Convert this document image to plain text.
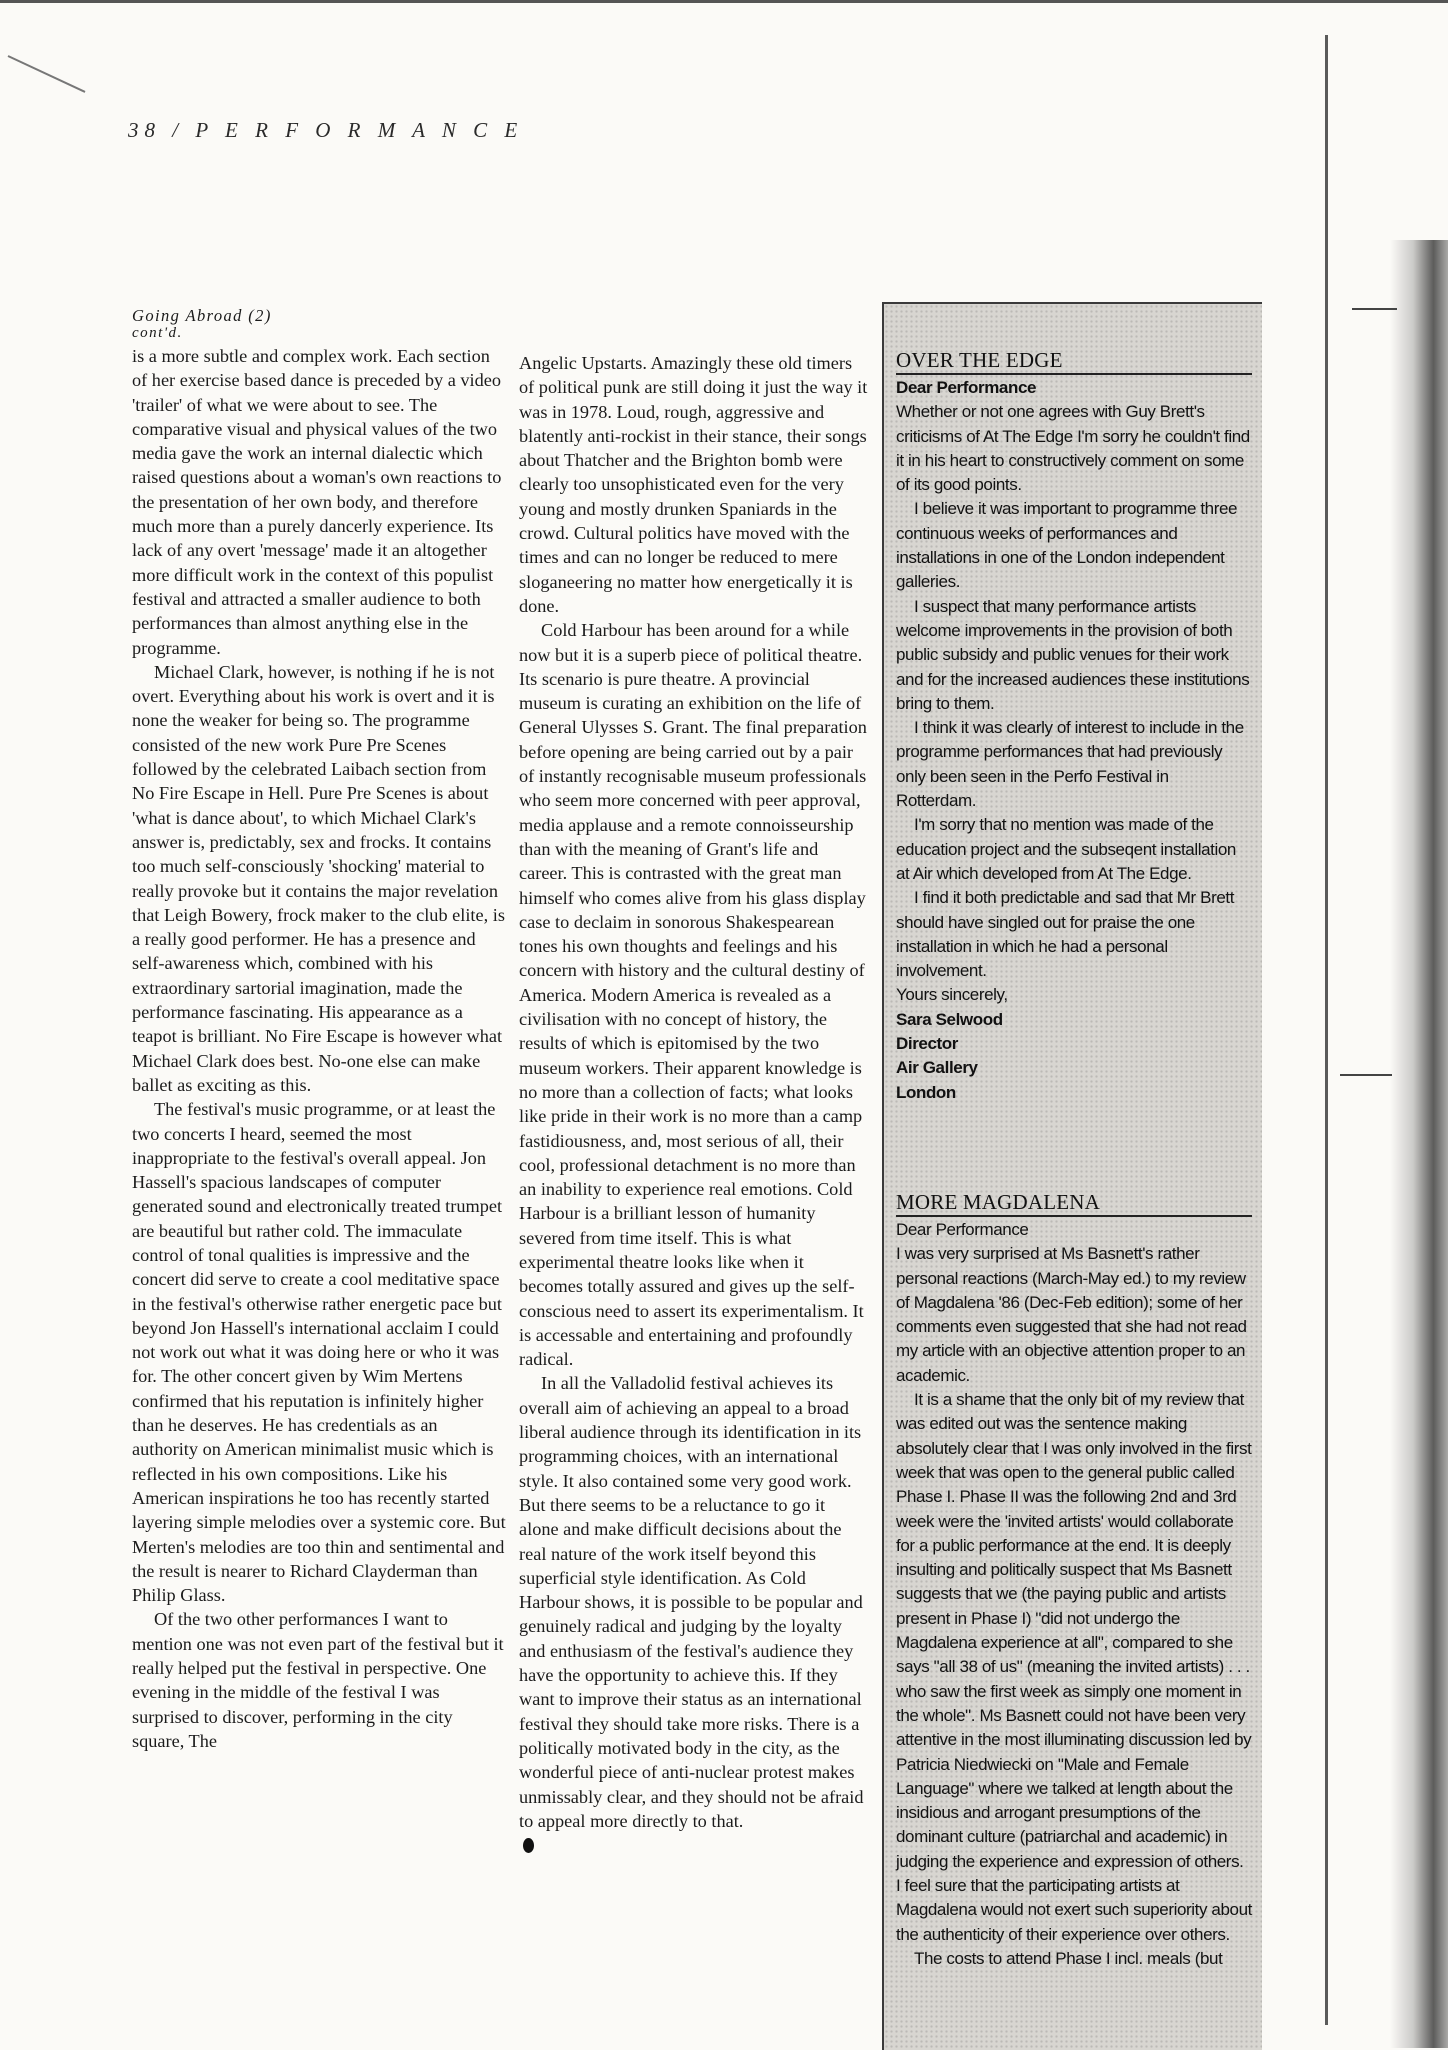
38 / P E R F O R M A N C E
Going Abroad (2)
cont'd.

is a more subtle and complex work. Each section of her exercise based dance is preceded by a video 'trailer' of what we were about to see. The comparative visual and physical values of the two media gave the work an internal dialectic which raised questions about a woman's own reactions to the presentation of her own body, and therefore much more than a purely dancerly experience. Its lack of any overt 'message' made it an altogether more difficult work in the context of this populist festival and attracted a smaller audience to both performances than almost anything else in the programme.

Michael Clark, however, is nothing if he is not overt. Everything about his work is overt and it is none the weaker for being so. The programme consisted of the new work Pure Pre Scenes followed by the celebrated Laibach section from No Fire Escape in Hell. Pure Pre Scenes is about 'what is dance about', to which Michael Clark's answer is, predictably, sex and frocks. It contains too much self-consciously 'shocking' material to really provoke but it contains the major revelation that Leigh Bowery, frock maker to the club elite, is a really good performer. He has a presence and self-awareness which, combined with his extraordinary sartorial imagination, made the performance fascinating. His appearance as a teapot is brilliant. No Fire Escape is however what Michael Clark does best. No-one else can make ballet as exciting as this.

The festival's music programme, or at least the two concerts I heard, seemed the most inappropriate to the festival's overall appeal. Jon Hassell's spacious landscapes of computer generated sound and electronically treated trumpet are beautiful but rather cold. The immaculate control of tonal qualities is impressive and the concert did serve to create a cool meditative space in the festival's otherwise rather energetic pace but beyond Jon Hassell's international acclaim I could not work out what it was doing here or who it was for. The other concert given by Wim Mertens confirmed that his reputation is infinitely higher than he deserves. He has credentials as an authority on American minimalist music which is reflected in his own compositions. Like his American inspirations he too has recently started layering simple melodies over a systemic core. But Merten's melodies are too thin and sentimental and the result is nearer to Richard Clayderman than Philip Glass.

Of the two other performances I want to mention one was not even part of the festival but it really helped put the festival in perspective. One evening in the middle of the festival I was surprised to discover, performing in the city square, The

Angelic Upstarts. Amazingly these old timers of political punk are still doing it just the way it was in 1978. Loud, rough, aggressive and blatently anti-rockist in their stance, their songs about Thatcher and the Brighton bomb were clearly too unsophisticated even for the very young and mostly drunken Spaniards in the crowd. Cultural politics have moved with the times and can no longer be reduced to mere sloganeering no matter how energetically it is done.

Cold Harbour has been around for a while now but it is a superb piece of political theatre. Its scenario is pure theatre. A provincial museum is curating an exhibition on the life of General Ulysses S. Grant. The final preparation before opening are being carried out by a pair of instantly recognisable museum professionals who seem more concerned with peer approval, media applause and a remote connoisseurship than with the meaning of Grant's life and career. This is contrasted with the great man himself who comes alive from his glass display case to declaim in sonorous Shakespearean tones his own thoughts and feelings and his concern with history and the cultural destiny of America. Modern America is revealed as a civilisation with no concept of history, the results of which is epitomised by the two museum workers. Their apparent knowledge is no more than a collection of facts; what looks like pride in their work is no more than a camp fastidiousness, and, most serious of all, their cool, professional detachment is no more than an inability to experience real emotions. Cold Harbour is a brilliant lesson of humanity severed from time itself. This is what experimental theatre looks like when it becomes totally assured and gives up the self-conscious need to assert its experimentalism. It is accessable and entertaining and profoundly radical.

In all the Valladolid festival achieves its overall aim of achieving an appeal to a broad liberal audience through its identification in its programming choices, with an international style. It also contained some very good work. But there seems to be a reluctance to go it alone and make difficult decisions about the real nature of the work itself beyond this superficial style identification. As Cold Harbour shows, it is possible to be popular and genuinely radical and judging by the loyalty and enthusiasm of the festival's audience they have the opportunity to achieve this. If they want to improve their status as an international festival they should take more risks. There is a politically motivated body in the city, as the wonderful piece of anti-nuclear protest makes unmissably clear, and they should not be afraid to appeal more directly to that.

OVER THE EDGE

Dear Performance

Whether or not one agrees with Guy Brett's criticisms of At The Edge I'm sorry he couldn't find it in his heart to constructively comment on some of its good points.

I believe it was important to programme three continuous weeks of performances and installations in one of the London independent galleries.

I suspect that many performance artists welcome improvements in the provision of both public subsidy and public venues for their work and for the increased audiences these institutions bring to them.

I think it was clearly of interest to include in the programme performances that had previously only been seen in the Perfo Festival in Rotterdam.

I'm sorry that no mention was made of the education project and the subseqent installation at Air which developed from At The Edge.

I find it both predictable and sad that Mr Brett should have singled out for praise the one installation in which he had a personal involvement.

Yours sincerely,

Sara Selwood

Director

Air Gallery

London

MORE MAGDALENA

Dear Performance

I was very surprised at Ms Basnett's rather personal reactions (March-May ed.) to my review of Magdalena '86 (Dec-Feb edition); some of her comments even suggested that she had not read my article with an objective attention proper to an academic.

It is a shame that the only bit of my review that was edited out was the sentence making absolutely clear that I was only involved in the first week that was open to the general public called Phase I. Phase II was the following 2nd and 3rd week were the 'invited artists' would collaborate for a public performance at the end. It is deeply insulting and politically suspect that Ms Basnett suggests that we (the paying public and artists present in Phase I) "did not undergo the Magdalena experience at all", compared to she says "all 38 of us" (meaning the invited artists) . . . who saw the first week as simply one moment in the whole". Ms Basnett could not have been very attentive in the most illuminating discussion led by Patricia Niedwiecki on "Male and Female Language" where we talked at length about the insidious and arrogant presumptions of the dominant culture (patriarchal and academic) in judging the experience and expression of others. I feel sure that the participating artists at Magdalena would not exert such superiority about the authenticity of their experience over others.

The costs to attend Phase I incl. meals (but
